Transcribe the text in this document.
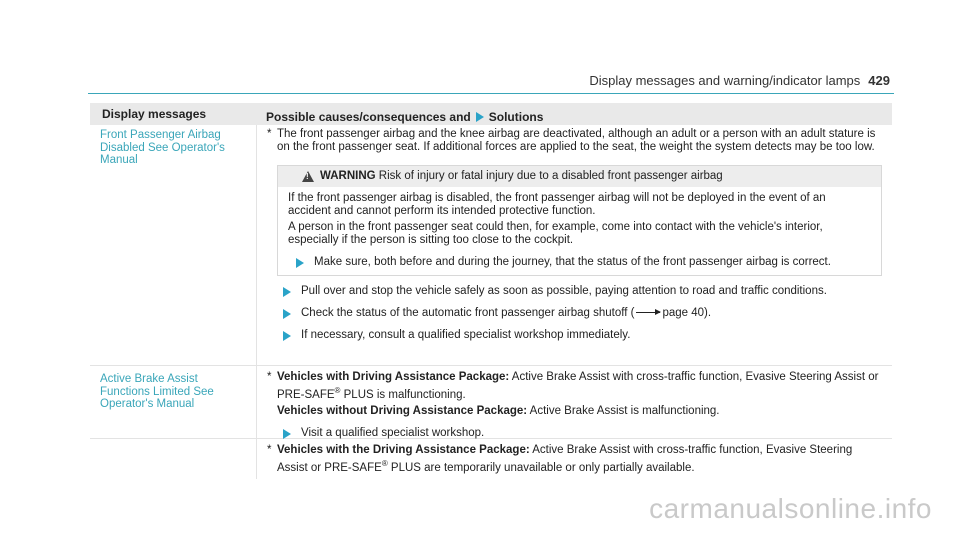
Display messages and warning/indicator lamps 429
Display messages	Possible causes/consequences and Solutions
Front Passenger Airbag Disabled See Operator's Manual
* The front passenger airbag and the knee airbag are deactivated, although an adult or a person with an adult stature is on the front passenger seat. If additional forces are applied to the seat, the weight the system detects may be too low.
!
WARNING
Risk of injury or fatal injury due to a disabled front passenger airbag

If the front passenger airbag is disabled, the front passenger airbag will not be deployed in the event of an accident and cannot perform its intended protective function.

A person in the front passenger seat could then, for example, come into contact with the vehicle's interior, especially if the person is sitting too close to the cockpit.

Make sure, both before and during the journey, that the status of the front passenger airbag is correct.
Pull over and stop the vehicle safely as soon as possible, paying attention to road and traffic conditions.
Check the status of the automatic front passenger airbag shutoff ( page 40).
If necessary, consult a qualified specialist workshop immediately.
Active Brake Assist Functions Limited See Operator's Manual
* Vehicles with Driving Assistance Package: Active Brake Assist with cross-traffic function, Evasive Steering Assist or PRE-SAFE® PLUS is malfunctioning.
Vehicles without Driving Assistance Package: Active Brake Assist is malfunctioning.
Visit a qualified specialist workshop.
* Vehicles with the Driving Assistance Package: Active Brake Assist with cross-traffic function, Evasive Steering Assist or PRE-SAFE® PLUS are temporarily unavailable or only partially available.
carmanualsonline.info
